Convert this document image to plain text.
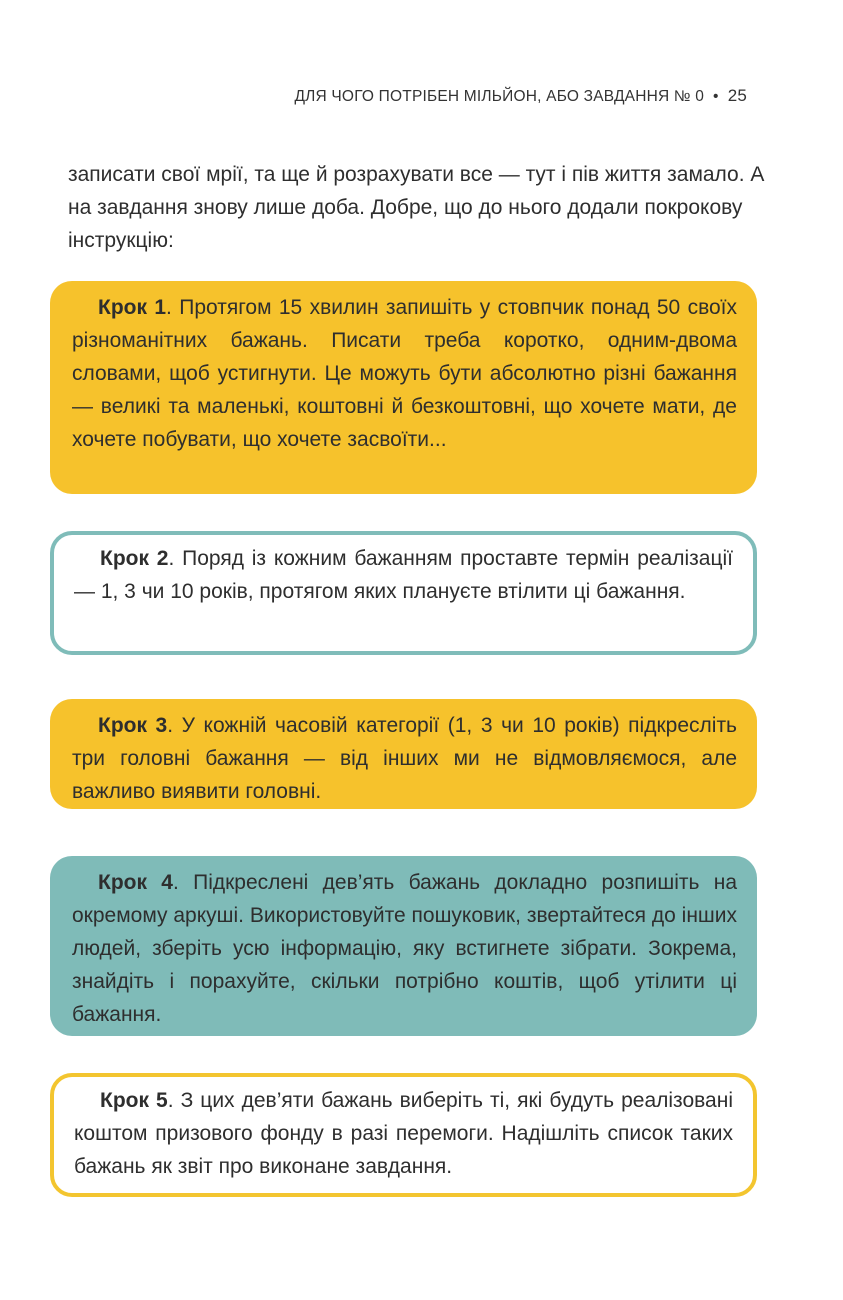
ДЛЯ ЧОГО ПОТРІБЕН МІЛЬЙОН, АБО ЗАВДАННЯ № 0 • 25

записати свої мрії, та ще й розрахувати все — тут і пів життя замало. А на завдання знову лише доба. Добре, що до нього додали покрокову інструкцію:

Крок 1. Протягом 15 хвилин запишіть у стовпчик понад 50 своїх різноманітних бажань. Писати треба коротко, одним-двома словами, щоб устигнути. Це можуть бути абсолютно різні бажання — великі та маленькі, коштовні й безкоштовні, що хочете мати, де хочете побувати, що хочете засвоїти...

Крок 2. Поряд із кожним бажанням проставте термін реалізації — 1, 3 чи 10 років, протягом яких плануєте втілити ці бажання.

Крок 3. У кожній часовій категорії (1, 3 чи 10 років) підкресліть три головні бажання — від інших ми не відмовляємося, але важливо виявити головні.

Крок 4. Підкреслені дев’ять бажань докладно розпишіть на окремому аркуші. Використовуйте пошуковик, звертайтеся до інших людей, зберіть усю інформацію, яку встигнете зібрати. Зокрема, знайдіть і порахуйте, скільки потрібно коштів, щоб утілити ці бажання.

Крок 5. З цих дев’яти бажань виберіть ті, які будуть реалізовані коштом призового фонду в разі перемоги. Надішліть список таких бажань як звіт про виконане завдання.
